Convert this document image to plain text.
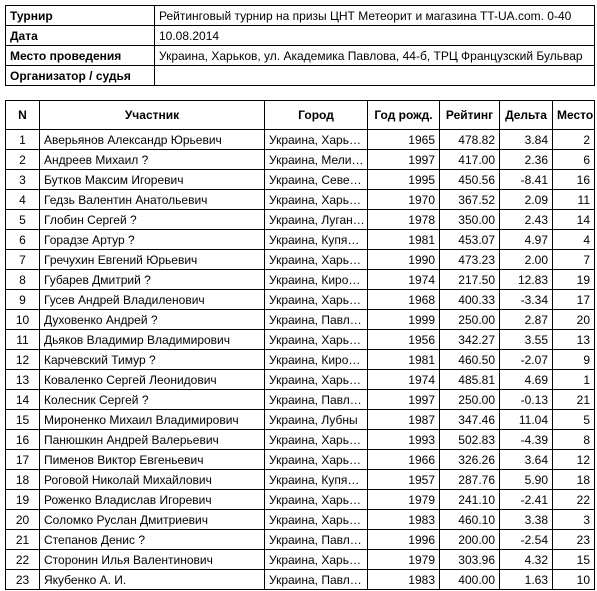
Турнир	Рейтинговый турнир на призы ЦНТ Метеорит и магазина TT-UA.com. 0-40
Дата	10.08.2014
Место проведения	Украина, Харьков, ул. Академика Павлова, 44-б, ТРЦ Французский Бульвар
Организатор / судья	
N	Участник	Город	Год рожд.	Рейтинг	Дельта	Место
1	Аверьянов Александр Юрьевич	Украина, Харь…	1965	478.82	3.84	2
2	Андреев Михаил ?	Украина, Мели…	1997	417.00	2.36	6
3	Бутков Максим Игоревич	Украина, Севе…	1995	450.56	-8.41	16
4	Гедзь Валентин Анатольевич	Украина, Харь…	1970	367.52	2.09	11
5	Глобин Сергей ?	Украина, Луган…	1978	350.00	2.43	14
6	Горадзе Артур ?	Украина, Купя…	1981	453.07	4.97	4
7	Гречухин Евгений Юрьевич	Украина, Харь…	1990	473.23	2.00	7
8	Губарев Дмитрий ?	Украина, Киро…	1974	217.50	12.83	19
9	Гусев Андрей Владиленович	Украина, Харь…	1968	400.33	-3.34	17
10	Духовенко Андрей ?	Украина, Павл…	1999	250.00	2.87	20
11	Дьяков Владимир Владимирович	Украина, Харь…	1956	342.27	3.55	13
12	Карчевский Тимур ?	Украина, Киро…	1981	460.50	-2.07	9
13	Коваленко Сергей Леонидович	Украина, Харь…	1974	485.81	4.69	1
14	Колесник Сергей ?	Украина, Павл…	1997	250.00	-0.13	21
15	Мироненко Михаил Владимирович	Украина, Лубны	1987	347.46	11.04	5
16	Панюшкин Андрей Валерьевич	Украина, Харь…	1993	502.83	-4.39	8
17	Пименов Виктор Евгеньевич	Украина, Харь…	1966	326.26	3.64	12
18	Роговой Николай Михайлович	Украина, Купя…	1957	287.76	5.90	18
19	Роженко Владислав Игоревич	Украина, Харь…	1979	241.10	-2.41	22
20	Соломко Руслан Дмитриевич	Украина, Харь…	1983	460.10	3.38	3
21	Степанов Денис ?	Украина, Павл…	1996	200.00	-2.54	23
22	Сторонин Илья Валентинович	Украина, Харь…	1979	303.96	4.32	15
23	Якубенко А. И.	Украина, Павл…	1983	400.00	1.63	10
